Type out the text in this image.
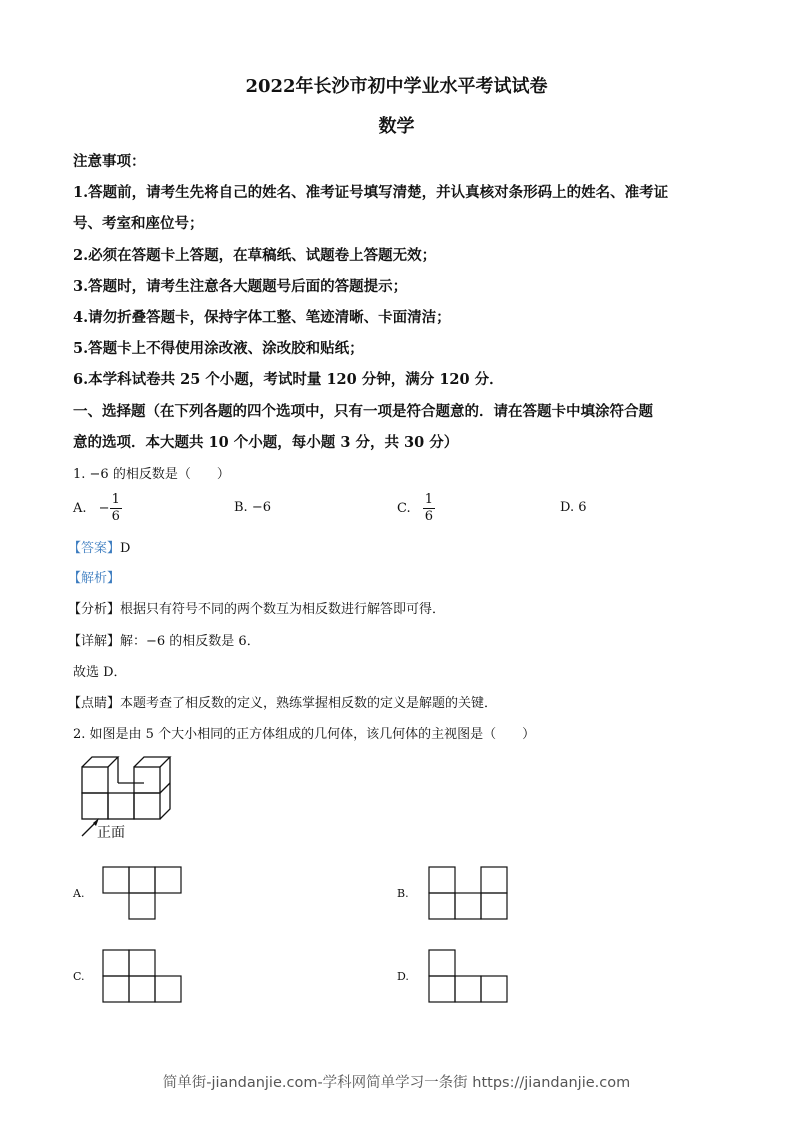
2022年长沙市初中学业水平考试试卷
数学
注意事项：
1.答题前，请考生先将自己的姓名、准考证号填写清楚，并认真核对条形码上的姓名、准考证
号、考室和座位号；
2.必须在答题卡上答题，在草稿纸、试题卷上答题无效；
3.答题时，请考生注意各大题题号后面的答题提示；
4.请勿折叠答题卡，保持字体工整、笔迹清晰、卡面清洁；
5.答题卡上不得使用涂改液、涂改胶和贴纸；
6.本学科试卷共 25 个小题，考试时量 120 分钟，满分 120 分．
一、选择题（在下列各题的四个选项中，只有一项是符合题意的．请在答题卡中填涂符合题
意的选项．本大题共 10 个小题，每小题 3 分，共 30 分）
1. −6 的相反数是（　　）
A. − $\frac{1}{6}$	B. −6	C. $\frac{1}{6}$	D. 6
【答案】D
【解析】
【分析】根据只有符号不同的两个数互为相反数进行解答即可得．
【详解】解：−6 的相反数是 6．
故选 D．
【点睛】本题考查了相反数的定义，熟练掌握相反数的定义是解题的关键．
2. 如图是由 5 个大小相同的正方体组成的几何体，该几何体的主视图是（　　）
正面
A.	B.
C.	D.
简单街-jiandanjie.com-学科网简单学习一条街 https://jiandanjie.com
